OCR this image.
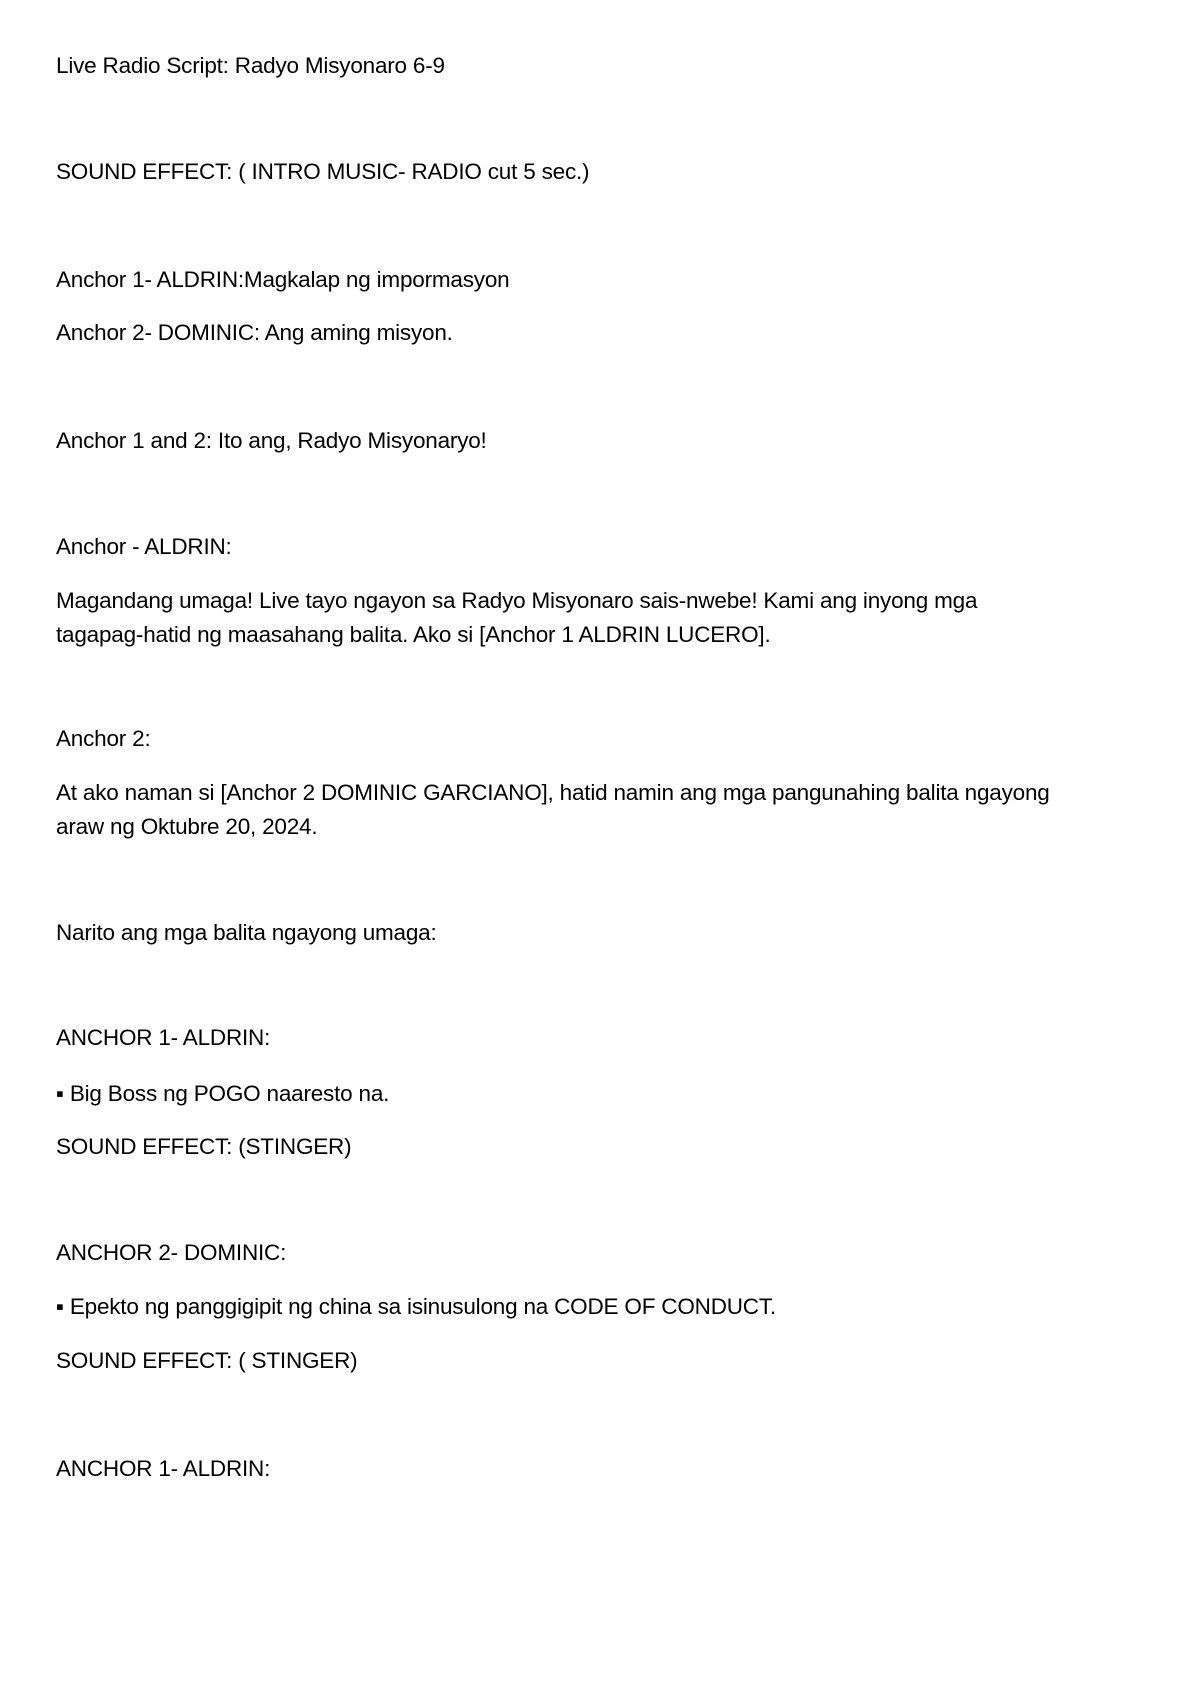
Live Radio Script: Radyo Misyonaro 6-9
SOUND EFFECT: ( INTRO MUSIC- RADIO cut 5 sec.)
Anchor 1- ALDRIN:Magkalap ng impormasyon
Anchor 2- DOMINIC: Ang aming misyon.
Anchor 1 and 2: Ito ang, Radyo Misyonaryo!
Anchor - ALDRIN:
Magandang umaga! Live tayo ngayon sa Radyo Misyonaro sais-nwebe! Kami ang inyong mga
tagapag-hatid ng maasahang balita. Ako si [Anchor 1 ALDRIN LUCERO].
Anchor 2:
At ako naman si [Anchor 2 DOMINIC GARCIANO], hatid namin ang mga pangunahing balita ngayong
araw ng Oktubre 20, 2024.
Narito ang mga balita ngayong umaga:
ANCHOR 1- ALDRIN:
▪ Big Boss ng POGO naaresto na.
SOUND EFFECT: (STINGER)
ANCHOR 2- DOMINIC:
▪ Epekto ng panggigipit ng china sa isinusulong na CODE OF CONDUCT.
SOUND EFFECT: ( STINGER)
ANCHOR 1- ALDRIN:
